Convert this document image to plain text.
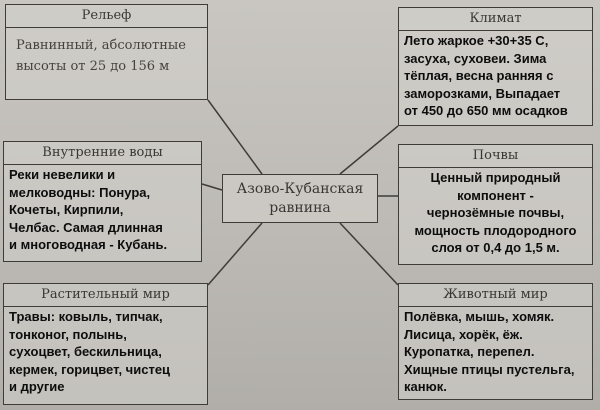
Рельеф
Равнинный, абсолютные
высоты от 25 до 156 м
Климат
Лето жаркое +30+35 С,
засуха, суховеи. Зима
тёплая, весна ранняя с
заморозками, Выпадает
от 450 до 650 мм осадков
Внутренние воды
Реки невелики и
мелководны: Понура,
Кочеты, Кирпили,
Челбас. Самая длинная
и многоводная - Кубань.
Азово-Кубанская
равнина
Почвы
Ценный природный
компонент -
чернозёмные почвы,
мощность плодородного
слоя от 0,4 до 1,5 м.
Растительный мир
Травы: ковыль, типчак,
тонконог, полынь,
сухоцвет, бескильница,
кермек, горицвет, чистец
и другие
Животный мир
Полёвка, мышь, хомяк.
Лисица, хорёк, ёж.
Куропатка, перепел.
Хищные птицы пустельга,
канюк.
